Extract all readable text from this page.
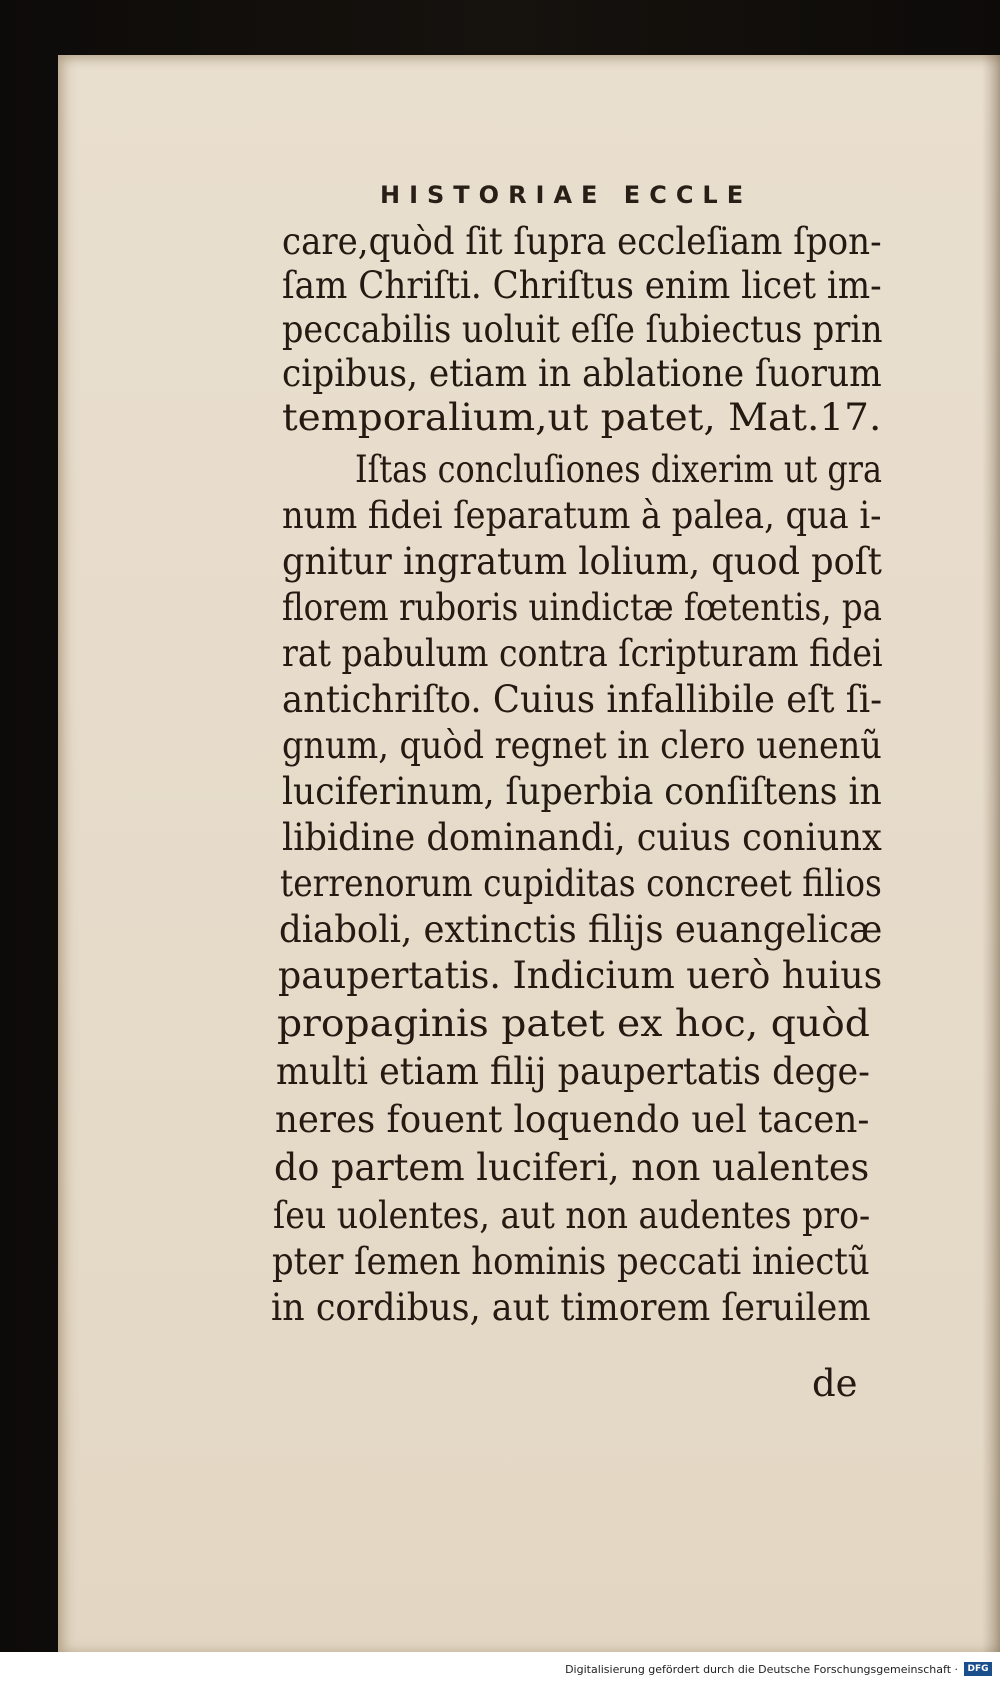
HISTORIAE ECCLE
care,quòd ſit ſupra eccleſiam ſpon-
ſam Chriſti. Chriſtus enim licet im-
peccabilis uoluit eſſe ſubiectus prin
cipibus, etiam in ablatione ſuorum
temporalium,ut patet, Mat.17.
Iſtas concluſiones dixerim ut gra
num fidei ſeparatum à palea, qua i-
gnitur ingratum lolium, quod poſt
florem ruboris uindictæ fœtentis, pa
rat pabulum contra ſcripturam fidei
antichriſto. Cuius infallibile eſt ſi-
gnum, quòd regnet in clero uenenũ
luciferinum, ſuperbia conſiſtens in
libidine dominandi, cuius coniunx
terrenorum cupiditas concreet filios
diaboli, extinctis filijs euangelicæ
paupertatis. Indicium uerò huius
propaginis patet ex hoc, quòd
multi etiam filij paupertatis dege-
neres fouent loquendo uel tacen-
do partem luciferi, non ualentes
ſeu uolentes, aut non audentes pro-
pter ſemen hominis peccati iniectũ
in cordibus, aut timorem ſeruilem
de
Digitalisierung gefördert durch die Deutsche Forschungsgemeinschaft ·	DFG
